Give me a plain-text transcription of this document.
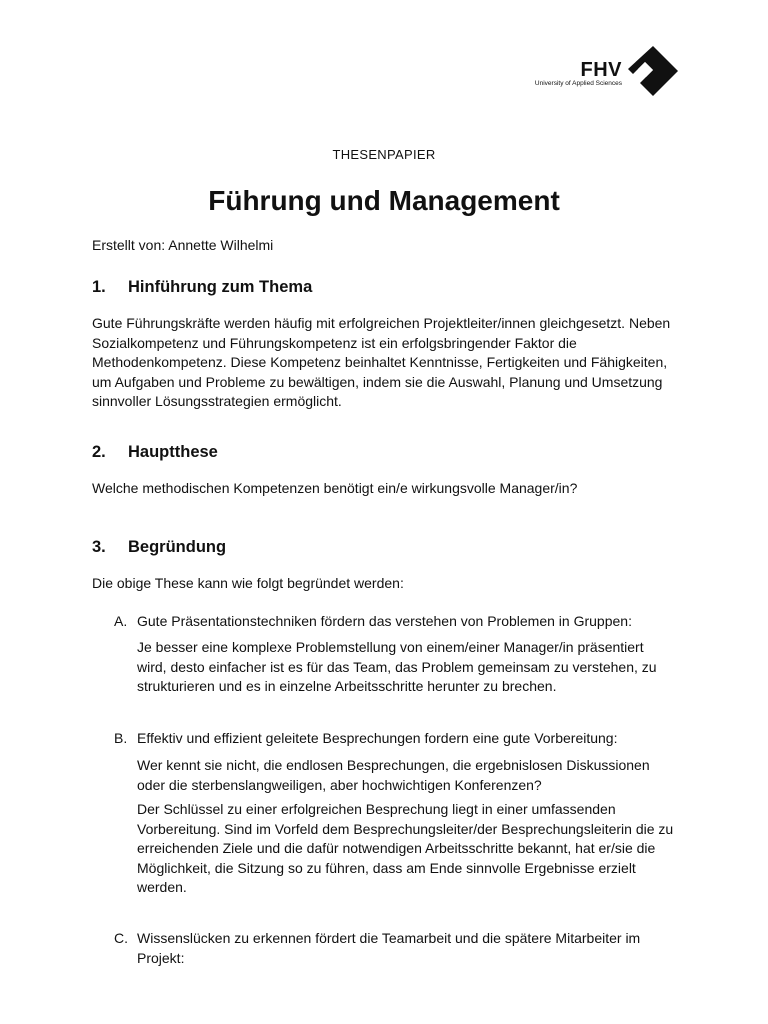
FHV
University of Applied Sciences
THESENPAPIER
Führung und Management
Erstellt von: Annette Wilhelmi
1. Hinführung zum Thema

Gute Führungskräfte werden häufig mit erfolgreichen Projektleiter/innen gleichgesetzt. Neben Sozialkompetenz und Führungskompetenz ist ein erfolgsbringender Faktor die Methodenkompetenz. Diese Kompetenz beinhaltet Kenntnisse, Fertigkeiten und Fähigkeiten, um Aufgaben und Probleme zu bewältigen, indem sie die Auswahl, Planung und Umsetzung sinnvoller Lösungsstrategien ermöglicht.

2. Hauptthese

Welche methodischen Kompetenzen benötigt ein/e wirkungsvolle Manager/in?

3. Begründung

Die obige These kann wie folgt begründet werden:

A. Gute Präsentationstechniken fördern das verstehen von Problemen in Gruppen:

Je besser eine komplexe Problemstellung von einem/einer Manager/in präsentiert wird, desto einfacher ist es für das Team, das Problem gemeinsam zu verstehen, zu strukturieren und es in einzelne Arbeitsschritte herunter zu brechen.

B. Effektiv und effizient geleitete Besprechungen fordern eine gute Vorbereitung:

Wer kennt sie nicht, die endlosen Besprechungen, die ergebnislosen Diskussionen oder die sterbenslangweiligen, aber hochwichtigen Konferenzen?

Der Schlüssel zu einer erfolgreichen Besprechung liegt in einer umfassenden Vorbereitung. Sind im Vorfeld dem Besprechungsleiter/der Besprechungsleiterin die zu erreichenden Ziele und die dafür notwendigen Arbeitsschritte bekannt, hat er/sie die Möglichkeit, die Sitzung so zu führen, dass am Ende sinnvolle Ergebnisse erzielt werden.

C. Wissenslücken zu erkennen fördert die Teamarbeit und die spätere Mitarbeiter im Projekt:
